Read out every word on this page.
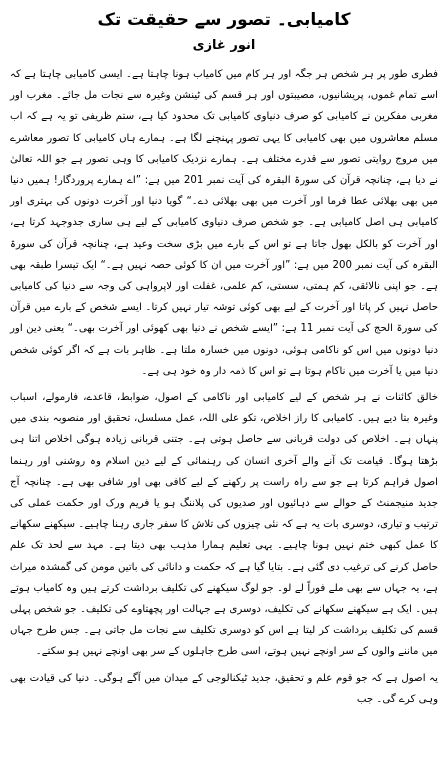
کامیابی۔ تصور سے حقیقت تک
انور غازی

فطری طور پر ہر شخص ہر جگہ اور ہر کام میں کامیاب ہونا چاہتا ہے۔ ایسی کامیابی چاہتا ہے کہ اسے تمام غموں، پریشانیوں، مصیبتوں اور ہر قسم کی ٹینشن وغیرہ سے نجات مل جائے۔ مغرب اور مغربی مفکرین نے کامیابی کو صرف دنیاوی کامیابی تک محدود کیا ہے، ستم ظریفی تو یہ ہے کہ اب مسلم معاشروں میں بھی کامیابی کا یہی تصور پہنچنے لگا ہے۔ ہمارے ہاں کامیابی کا تصور معاشرے میں مروج روایتی تصور سے قدرے مختلف ہے۔ ہمارے نزدیک کامیابی کا وہی تصور ہے جو اللہ تعالیٰ نے دیا ہے، چنانچہ قرآن کی سورۃ البقرہ کی آیت نمبر 201 میں ہے: ”اے ہمارے پروردگار! ہمیں دنیا میں بھی بھلائی عطا فرما اور آخرت میں بھی بھلائی دے۔“ گویا دنیا اور آخرت دونوں کی بہتری اور کامیابی ہی اصل کامیابی ہے۔ جو شخص صرف دنیاوی کامیابی کے لیے ہی ساری جدوجہد کرتا ہے، اور آخرت کو بالکل بھول جاتا ہے تو اس کے بارے میں بڑی سخت وعید ہے، چنانچہ قرآن کی سورۃ البقرہ کی آیت نمبر 200 میں ہے: ”اور آخرت میں ان کا کوئی حصہ نہیں ہے۔“ ایک تیسرا طبقہ بھی ہے۔ جو اپنی نالائقی، کم ہمتی، سستی، کم علمی، غفلت اور لاپرواہی کی وجہ سے دنیا کی کامیابی حاصل نہیں کر پاتا اور آخرت کے لیے بھی کوئی توشہ تیار نہیں کرتا۔ ایسے شخص کے بارے میں قرآن کی سورۃ الحج کی آیت نمبر 11 ہے: ”ایسے شخص نے دنیا بھی کھوئی اور آخرت بھی۔“ یعنی دین اور دنیا دونوں میں اس کو ناکامی ہوئی، دونوں میں خسارہ ملتا ہے۔ ظاہر بات ہے کہ اگر کوئی شخص دنیا میں یا آخرت میں ناکام ہوتا ہے تو اس کا ذمہ دار وہ خود ہی ہے۔

خالق کائنات نے ہر شخص کے لیے کامیابی اور ناکامی کے اصول، ضوابط، قاعدے، فارمولے، اسباب وغیرہ بتا دیے ہیں۔ کامیابی کا راز اخلاص، تکو علی اللہ، عمل مسلسل، تحقیق اور منصوبہ بندی میں پنہاں ہے۔ اخلاص کی دولت قربانی سے حاصل ہوتی ہے۔ جتنی قربانی زیادہ ہوگی اخلاص اتنا ہی بڑھتا ہوگا۔ قیامت تک آنے والے آخری انسان کی رہنمائی کے لیے دین اسلام وہ روشنی اور رہنما اصول فراہم کرتا ہے جو سے راہ راست پر رکھنے کے لیے کافی بھی اور شافی بھی ہے۔ چنانچہ آج جدید منیجمنٹ کے حوالے سے دہائیوں اور صدیوں کی پلاننگ ہو یا فریم ورک اور حکمت عملی کی ترتیب و تیاری، دوسری بات یہ ہے کہ نئی چیزوں کی تلاش کا سفر جاری رہنا چاہیے۔ سیکھنے سکھانے کا عمل کبھی ختم نہیں ہونا چاہیے۔ یہی تعلیم ہمارا مذہب بھی دیتا ہے۔ مہد سے لحد تک علم حاصل کرنے کی ترغیب دی گئی ہے۔ بتایا گیا ہے کہ حکمت و دانائی کی باتیں مومن کی گمشدہ میراث ہے، یہ جہاں سے بھی ملے فوراً لے لو۔ جو لوگ سیکھنے کی تکلیف برداشت کرتے ہیں وہ کامیاب ہوتے ہیں۔ ایک ہے سیکھنے سکھانے کی تکلیف، دوسری ہے جہالت اور پچھتاوے کی تکلیف۔ جو شخص پہلی قسم کی تکلیف برداشت کر لیتا ہے اس کو دوسری تکلیف سے نجات مل جاتی ہے۔ جس طرح جہاں میں ماننے والوں کے سر اونچے نہیں ہوتے، اسی طرح جاہلوں کے سر بھی اونچے نہیں ہو سکتے۔

یہ اصول ہے کہ جو قوم علم و تحقیق، جدید ٹیکنالوجی کے میدان میں آگے ہوگی۔ دنیا کی قیادت بھی وہی کرے گی۔ جب
